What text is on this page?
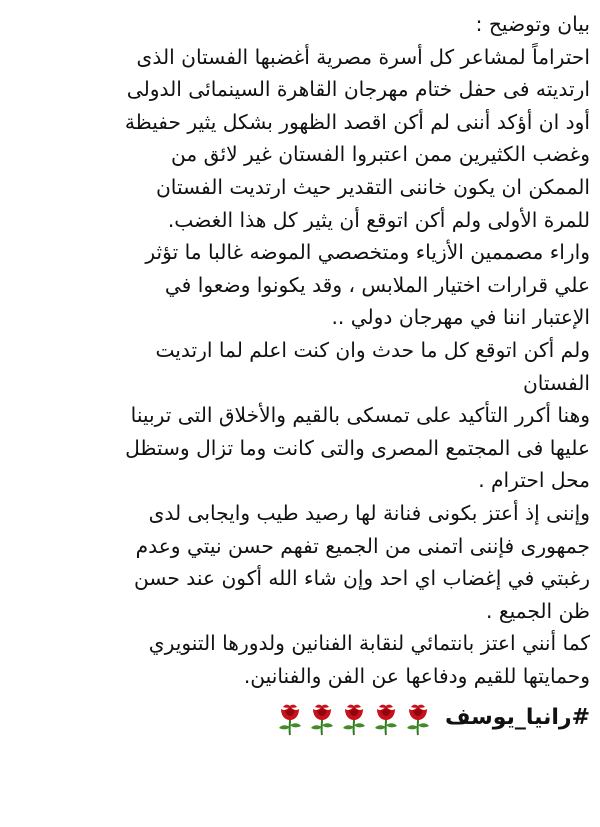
بيان وتوضيح :
احتراماً لمشاعر كل أسرة مصرية أغضبها الفستان الذى
ارتديته فى حفل ختام مهرجان القاهرة السينمائى الدولى
أود ان أؤكد أننى لم أكن اقصد الظهور بشكل يثير حفيظة
وغضب الكثيرين ممن اعتبروا الفستان غير لائق من
الممكن ان يكون خاننى التقدير حيث ارتديت الفستان
للمرة الأولى ولم أكن اتوقع أن يثير كل هذا الغضب.
واراء مصممين الأزياء ومتخصصي الموضه غالبا ما تؤثر
علي قرارات اختيار الملابس ، وقد يكونوا وضعوا في
الإعتبار اننا في مهرجان دولي ..
ولم أكن اتوقع كل ما حدث وان كنت اعلم لما ارتديت
الفستان
وهنا أكرر التأكيد على تمسكى بالقيم والأخلاق التى تربينا
عليها فى المجتمع المصرى والتى كانت وما تزال وستظل
محل احترام .
وإننى إذ أعتز بكونى فنانة لها رصيد طيب وايجابى لدى
جمهورى فإننى اتمنى من الجميع تفهم حسن نيتي وعدم
رغبتي في إغضاب اي احد وإن شاء الله أكون عند حسن
ظن الجميع .
كما أنني اعتز بانتمائي لنقابة الفنانين ولدورها التنويري
وحمايتها للقيم ودفاعها عن الفن والفنانين.
#رانيا_يوسف
